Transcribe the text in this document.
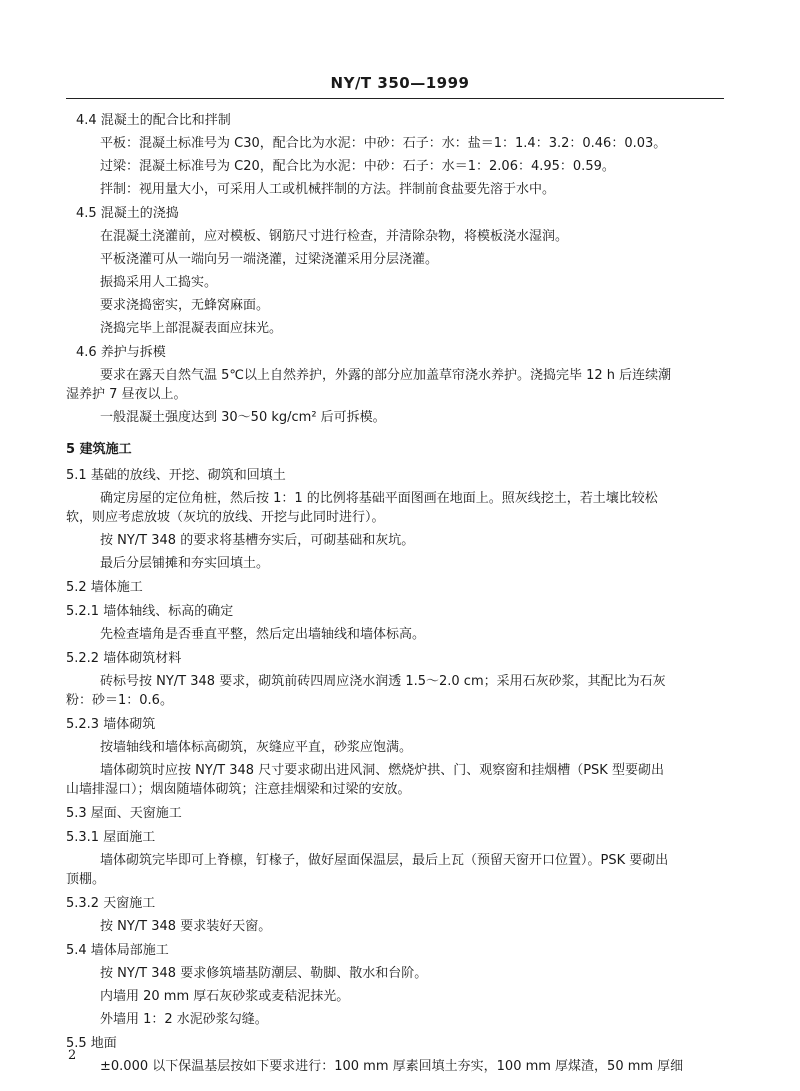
NY/T 350—1999
4.4 混凝土的配合比和拌制
平板：混凝土标准号为 C30，配合比为水泥：中砂：石子：水：盐＝1：1.4：3.2：0.46：0.03。
过梁：混凝土标准号为 C20，配合比为水泥：中砂：石子：水＝1：2.06：4.95：0.59。
拌制：视用量大小，可采用人工或机械拌制的方法。拌制前食盐要先溶于水中。
4.5 混凝土的浇捣
在混凝土浇灌前，应对模板、钢筋尺寸进行检查，并清除杂物，将模板浇水湿润。
平板浇灌可从一端向另一端浇灌，过梁浇灌采用分层浇灌。
振捣采用人工捣实。
要求浇捣密实，无蜂窝麻面。
浇捣完毕上部混凝表面应抹光。
4.6 养护与拆模
要求在露天自然气温 5℃以上自然养护，外露的部分应加盖草帘浇水养护。浇捣完毕 12 h 后连续潮
湿养护 7 昼夜以上。
一般混凝土强度达到 30～50 kg/cm² 后可拆模。
5 建筑施工
5.1 基础的放线、开挖、砌筑和回填土
确定房屋的定位角桩，然后按 1：1 的比例将基础平面图画在地面上。照灰线挖土，若土壤比较松
软，则应考虑放坡（灰坑的放线、开挖与此同时进行）。
按 NY/T 348 的要求将基槽夯实后，可砌基础和灰坑。
最后分层铺摊和夯实回填土。
5.2 墙体施工
5.2.1 墙体轴线、标高的确定
先检查墙角是否垂直平整，然后定出墙轴线和墙体标高。
5.2.2 墙体砌筑材料
砖标号按 NY/T 348 要求，砌筑前砖四周应浇水润透 1.5～2.0 cm；采用石灰砂浆，其配比为石灰
粉：砂＝1：0.6。
5.2.3 墙体砌筑
按墙轴线和墙体标高砌筑，灰缝应平直，砂浆应饱满。
墙体砌筑时应按 NY/T 348 尺寸要求砌出进风洞、燃烧炉拱、门、观察窗和挂烟槽（PSK 型要砌出
山墙排湿口）；烟囱随墙体砌筑；注意挂烟梁和过梁的安放。
5.3 屋面、天窗施工
5.3.1 屋面施工
墙体砌筑完毕即可上脊檩，钉椽子，做好屋面保温层，最后上瓦（预留天窗开口位置）。PSK 要砌出
顶棚。
5.3.2 天窗施工
按 NY/T 348 要求装好天窗。
5.4 墙体局部施工
按 NY/T 348 要求修筑墙基防潮层、勒脚、散水和台阶。
内墙用 20 mm 厚石灰砂浆或麦秸泥抹光。
外墙用 1：2 水泥砂浆勾缝。
5.5 地面
±0.000 以下保温基层按如下要求进行：100 mm 厚素回填土夯实，100 mm 厚煤渣，50 mm 厚细
2
